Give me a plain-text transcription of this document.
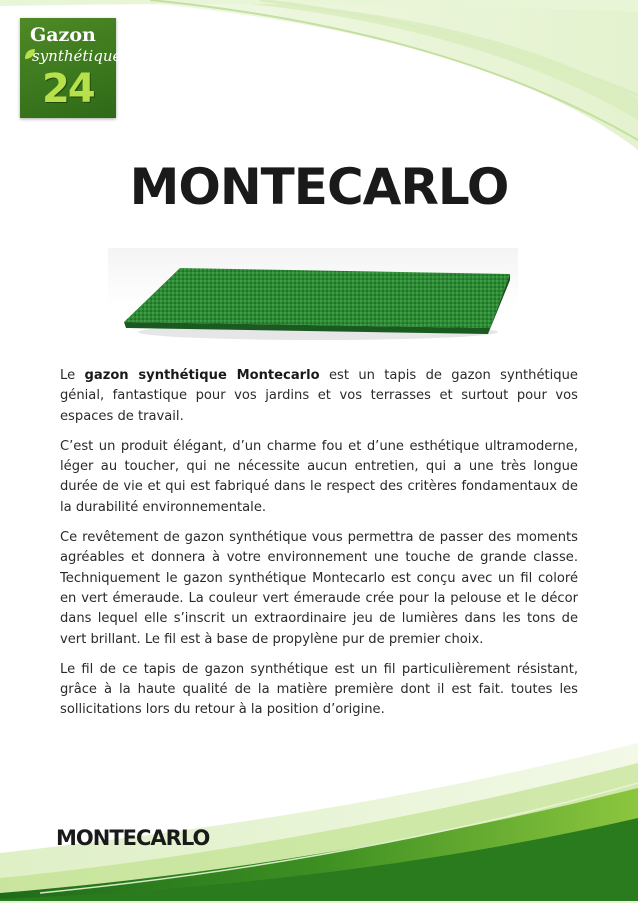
Gazon
synthétique
24
MONTECARLO

Le gazon synthétique Montecarlo est un tapis de gazon synthétique génial, fantastique pour vos jardins et vos terrasses et surtout pour vos espaces de travail.

C’est un produit élégant, d’un charme fou et d’une esthétique ultramoderne, léger au toucher, qui ne nécessite aucun entretien, qui a une très longue durée de vie et qui est fabriqué dans le respect des critères fondamentaux de la durabilité environnementale.

Ce revêtement de gazon synthétique vous permettra de passer des moments agréables et donnera à votre environnement une touche de grande classe. Techniquement le gazon synthétique Montecarlo est conçu avec un fil coloré en vert émeraude. La couleur vert émeraude crée pour la pelouse et le décor dans lequel elle s’inscrit un extraordinaire jeu de lumières dans les tons de vert brillant. Le fil est à base de propylène pur de premier choix.

Le fil de ce tapis de gazon synthétique est un fil particulièrement résistant, grâce à la haute qualité de la matière première dont il est fait. toutes les sollicitations lors du retour à la position d’origine.

MONTECARLO
